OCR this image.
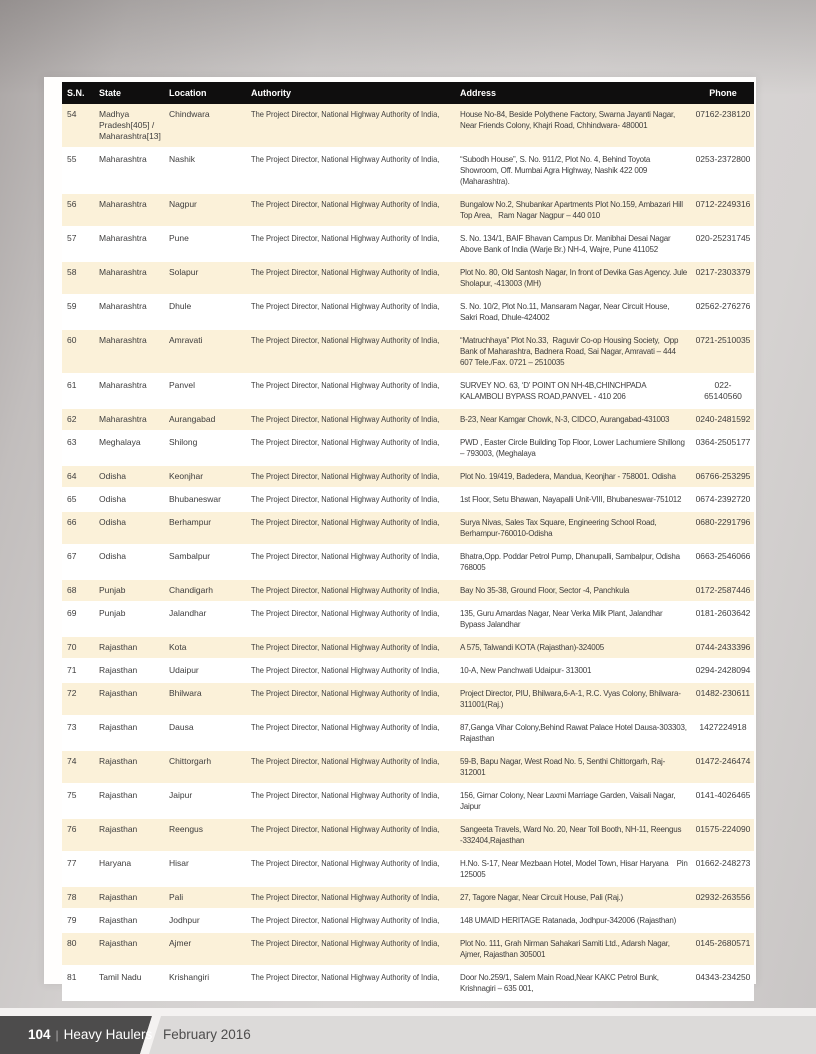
S.N.	State	Location	Authority	Address	Phone
54	Madhya Pradesh[405] / Maharashtra[13]	Chindwara	The Project Director, National Highway Authority of India,	House No-84, Beside Polythene Factory, Swarna Jayanti Nagar, Near Friends Colony, Khajri Road, Chhindwara- 480001	07162-238120
55	Maharashtra	Nashik	The Project Director, National Highway Authority of India,	“Subodh House”, S. No. 911/2, Plot No. 4, Behind Toyota Showroom, Off. Mumbai Agra Highway, Nashik 422 009 (Maharashtra).	0253-2372800
56	Maharashtra	Nagpur	The Project Director, National Highway Authority of India,	Bungalow No.2, Shubankar Apartments Plot No.159, Ambazari Hill Top Area,   Ram Nagar Nagpur – 440 010	0712-2249316
57	Maharashtra	Pune	The Project Director, National Highway Authority of India,	S. No. 134/1, BAIF Bhavan Campus Dr. Manibhai Desai Nagar Above Bank of India (Warje Br.) NH-4, Wajre, Pune 411052	020-25231745
58	Maharashtra	Solapur	The Project Director, National Highway Authority of India,	Plot No. 80, Old Santosh Nagar, In front of Devika Gas Agency. Jule Sholapur, -413003 (MH)	0217-2303379
59	Maharashtra	Dhule	The Project Director, National Highway Authority of India,	S. No. 10/2, Plot No.11, Mansaram Nagar, Near Circuit House, Sakri Road, Dhule-424002	02562-276276
60	Maharashtra	Amravati	The Project Director, National Highway Authority of India,	“Matruchhaya” Plot No.33,  Raguvir Co-op Housing Society,  Opp Bank of Maharashtra, Badnera Road, Sai Nagar, Amravati – 444 607 Tele./Fax. 0721 – 2510035	0721-2510035
61	Maharashtra	Panvel	The Project Director, National Highway Authority of India,	SURVEY NO. 63, ‘D’ POINT ON NH-4B,CHINCHPADA KALAMBOLI BYPASS ROAD,PANVEL - 410 206	022- 65140560
62	Maharashtra	Aurangabad	The Project Director, National Highway Authority of India,	B-23, Near Kamgar Chowk, N-3, CIDCO, Aurangabad-431003	0240-2481592
63	Meghalaya	Shilong	The Project Director, National Highway Authority of India,	PWD , Easter Circle Building Top Floor, Lower Lachumiere Shillong – 793003, (Meghalaya	0364-2505177
64	Odisha	Keonjhar	The Project Director, National Highway Authority of India,	Plot No. 19/419, Badedera, Mandua, Keonjhar - 758001. Odisha	06766-253295
65	Odisha	Bhubaneswar	The Project Director, National Highway Authority of India,	1st Floor, Setu Bhawan, Nayapalli Unit-VIII, Bhubaneswar-751012	0674-2392720
66	Odisha	Berhampur	The Project Director, National Highway Authority of India,	Surya Nivas, Sales Tax Square, Engineering School Road, Berhampur-760010-Odisha	0680-2291796
67	Odisha	Sambalpur	The Project Director, National Highway Authority of India,	Bhatra,Opp. Poddar Petrol Pump, Dhanupalli, Sambalpur, Odisha 768005	0663-2546066
68	Punjab	Chandigarh	The Project Director, National Highway Authority of India,	Bay No 35-38, Ground Floor, Sector -4, Panchkula	0172-2587446
69	Punjab	Jalandhar	The Project Director, National Highway Authority of India,	135, Guru Amardas Nagar, Near Verka Milk Plant, Jalandhar Bypass Jalandhar	0181-2603642
70	Rajasthan	Kota	The Project Director, National Highway Authority of India,	A 575, Talwandi KOTA (Rajasthan)-324005	0744-2433396
71	Rajasthan	Udaipur	The Project Director, National Highway Authority of India,	10-A, New Panchwati Udaipur- 313001	0294-2428094
72	Rajasthan	Bhilwara	The Project Director, National Highway Authority of India,	Project Director, PIU, Bhilwara,6-A-1, R.C. Vyas Colony, Bhilwara-311001(Raj.)	01482-230611
73	Rajasthan	Dausa	The Project Director, National Highway Authority of India,	87,Ganga Vihar Colony,Behind Rawat Palace Hotel Dausa-303303, Rajasthan	1427224918
74	Rajasthan	Chittorgarh	The Project Director, National Highway Authority of India,	59-B, Bapu Nagar, West Road No. 5, Senthi Chittorgarh, Raj-312001	01472-246474
75	Rajasthan	Jaipur	The Project Director, National Highway Authority of India,	156, Girnar Colony, Near Laxmi Marriage Garden, Vaisali Nagar, Jaipur	0141-4026465
76	Rajasthan	Reengus	The Project Director, National Highway Authority of India,	Sangeeta Travels, Ward No. 20, Near Toll Booth, NH-11, Reengus -332404,Rajasthan	01575-224090
77	Haryana	Hisar	The Project Director, National Highway Authority of India,	H.No. S-17, Near Mezbaan Hotel, Model Town, Hisar Haryana    Pin 125005	01662-248273
78	Rajasthan	Pali	The Project Director, National Highway Authority of India,	27, Tagore Nagar, Near Circuit House, Pali (Raj.)	02932-263556
79	Rajasthan	Jodhpur	The Project Director, National Highway Authority of India,	148 UMAID HERITAGE Ratanada, Jodhpur-342006 (Rajasthan)	
80	Rajasthan	Ajmer	The Project Director, National Highway Authority of India,	Plot No. 111, Grah Nirman Sahakari Samiti Ltd., Adarsh Nagar, Ajmer, Rajasthan 305001	0145-2680571
81	Tamil Nadu	Krishangiri	The Project Director, National Highway Authority of India,	Door No.259/1, Salem Main Road,Near KAKC Petrol Bunk, Krishnagiri – 635 001,	04343-234250
104 | Heavy Haulers February 2016
